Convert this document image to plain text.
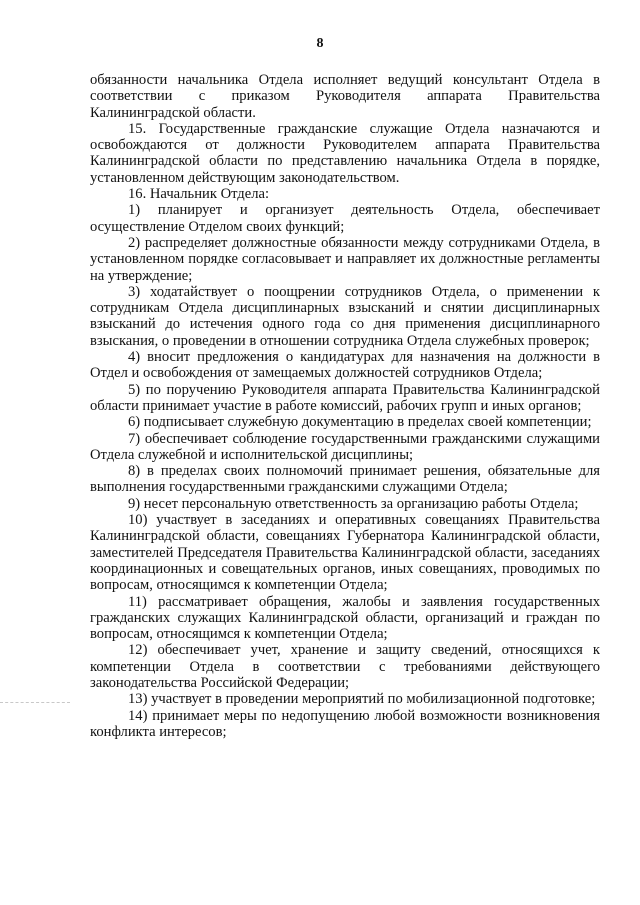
8

обязанности начальника Отдела исполняет ведущий консультант Отдела в соответствии с приказом Руководителя аппарата Правительства Калининградской области.

15. Государственные гражданские служащие Отдела назначаются и освобождаются от должности Руководителем аппарата Правительства Калининградской области по представлению начальника Отдела в порядке, установленном действующим законодательством.

16. Начальник Отдела:

1) планирует и организует деятельность Отдела, обеспечивает осуществление Отделом своих функций;

2) распределяет должностные обязанности между сотрудниками Отдела, в установленном порядке согласовывает и направляет их должностные регламенты на утверждение;

3) ходатайствует о поощрении сотрудников Отдела, о применении к сотрудникам Отдела дисциплинарных взысканий и снятии дисциплинарных взысканий до истечения одного года со дня применения дисциплинарного взыскания, о проведении в отношении сотрудника Отдела служебных проверок;

4) вносит предложения о кандидатурах для назначения на должности в Отдел и освобождения от замещаемых должностей сотрудников Отдела;

5) по поручению Руководителя аппарата Правительства Калининградской области принимает участие в работе комиссий, рабочих групп и иных органов;

6) подписывает служебную документацию в пределах своей компетенции;

7) обеспечивает соблюдение государственными гражданскими служащими Отдела служебной и исполнительской дисциплины;

8) в пределах своих полномочий принимает решения, обязательные для выполнения государственными гражданскими служащими Отдела;

9) несет персональную ответственность за организацию работы Отдела;

10) участвует в заседаниях и оперативных совещаниях Правительства Калининградской области, совещаниях Губернатора Калининградской области, заместителей Председателя Правительства Калининградской области, заседаниях координационных и совещательных органов, иных совещаниях, проводимых по вопросам, относящимся к компетенции Отдела;

11) рассматривает обращения, жалобы и заявления государственных гражданских служащих Калининградской области, организаций и граждан по вопросам, относящимся к компетенции Отдела;

12) обеспечивает учет, хранение и защиту сведений, относящихся к компетенции Отдела в соответствии с требованиями действующего законодательства Российской Федерации;

13) участвует в проведении мероприятий по мобилизационной подготовке;

14) принимает меры по недопущению любой возможности возникновения конфликта интересов;
